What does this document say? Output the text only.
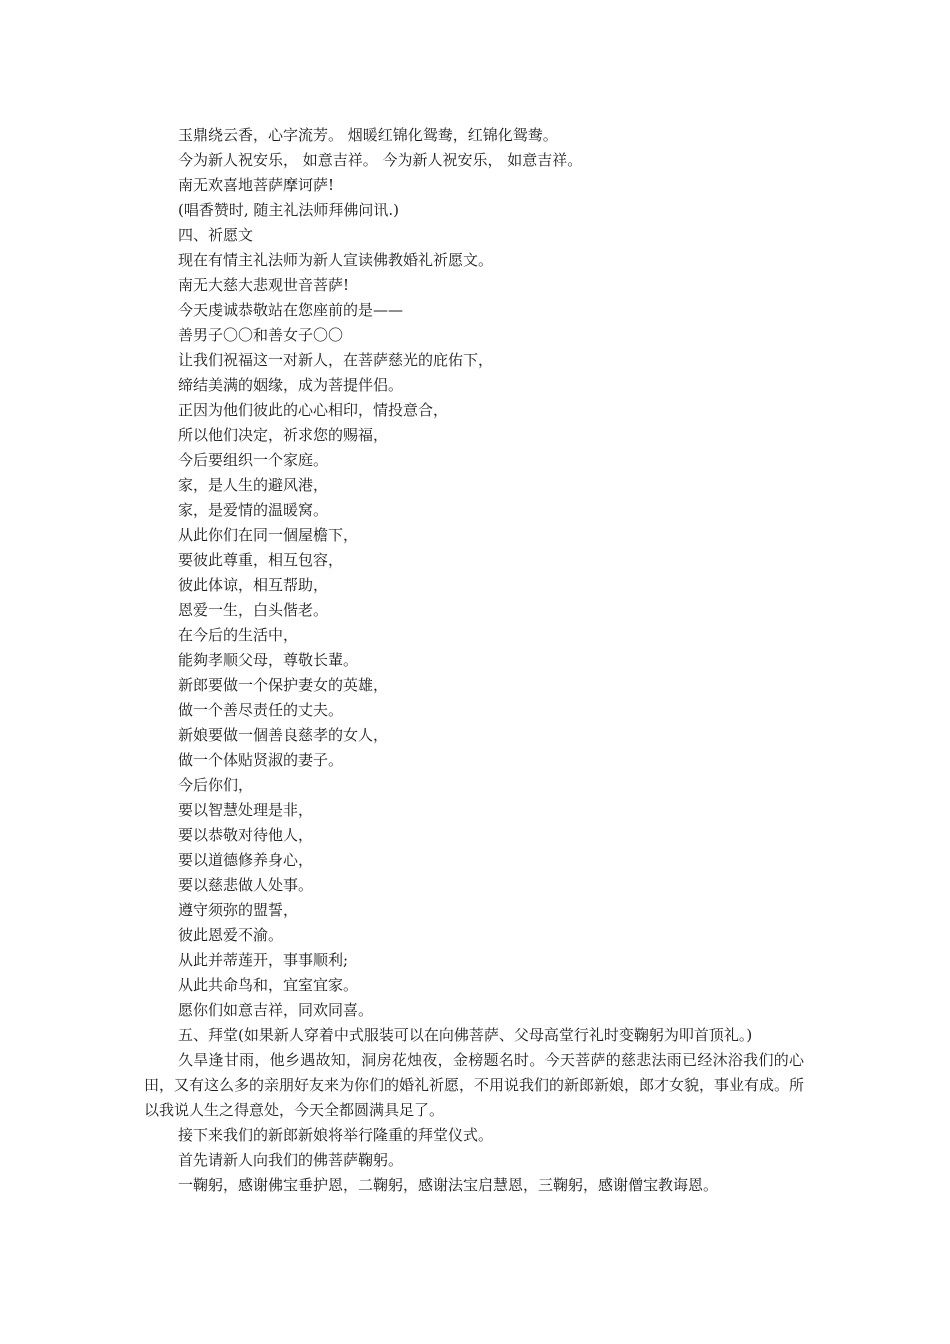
玉鼎绕云香，心字流芳。 烟暖红锦化鸳鸯，红锦化鸳鸯。
今为新人祝安乐， 如意吉祥。 今为新人祝安乐， 如意吉祥。
南无欢喜地菩萨摩诃萨!
(唱香赞时, 随主礼法师拜佛问讯.)
四、祈愿文
现在有情主礼法师为新人宣读佛教婚礼祈愿文。
南无大慈大悲观世音菩萨!
今天虔诚恭敬站在您座前的是——
善男子〇〇和善女子〇〇
让我们祝福这一对新人，在菩萨慈光的庇佑下，
缔结美满的姻缘，成为菩提伴侣。
正因为他们彼此的心心相印，情投意合，
所以他们决定，祈求您的赐福，
今后要组织一个家庭。
家，是人生的避风港，
家，是爱情的温暖窝。
从此你们在同一個屋檐下，
要彼此尊重，相互包容，
彼此体谅，相互帮助，
恩爱一生，白头偕老。
在今后的生活中，
能夠孝顺父母，尊敬长輩。
新郎要做一个保护妻女的英雄，
做一个善尽责任的丈夫。
新娘要做一個善良慈孝的女人，
做一个体贴贤淑的妻子。
今后你们，
要以智慧处理是非，
要以恭敬对待他人，
要以道德修养身心，
要以慈悲做人处事。
遵守须弥的盟誓，
彼此恩爱不渝。
从此并蒂莲开，事事顺利;
从此共命鸟和，宜室宜家。
愿你们如意吉祥，同欢同喜。
五、拜堂(如果新人穿着中式服装可以在向佛菩萨、父母高堂行礼时变鞠躬为叩首顶礼。)
久旱逢甘雨，他乡遇故知，洞房花烛夜，金榜题名时。今天菩萨的慈悲法雨已经沐浴我们的心田，又有这么多的亲朋好友来为你们的婚礼祈愿，不用说我们的新郎新娘，郎才女貌，事业有成。所以我说人生之得意处，今天全都圆满具足了。
接下来我们的新郎新娘将举行隆重的拜堂仪式。
首先请新人向我们的佛菩萨鞠躬。
一鞠躬，感谢佛宝垂护恩，二鞠躬，感谢法宝启慧恩，三鞠躬，感谢僧宝教诲恩。
